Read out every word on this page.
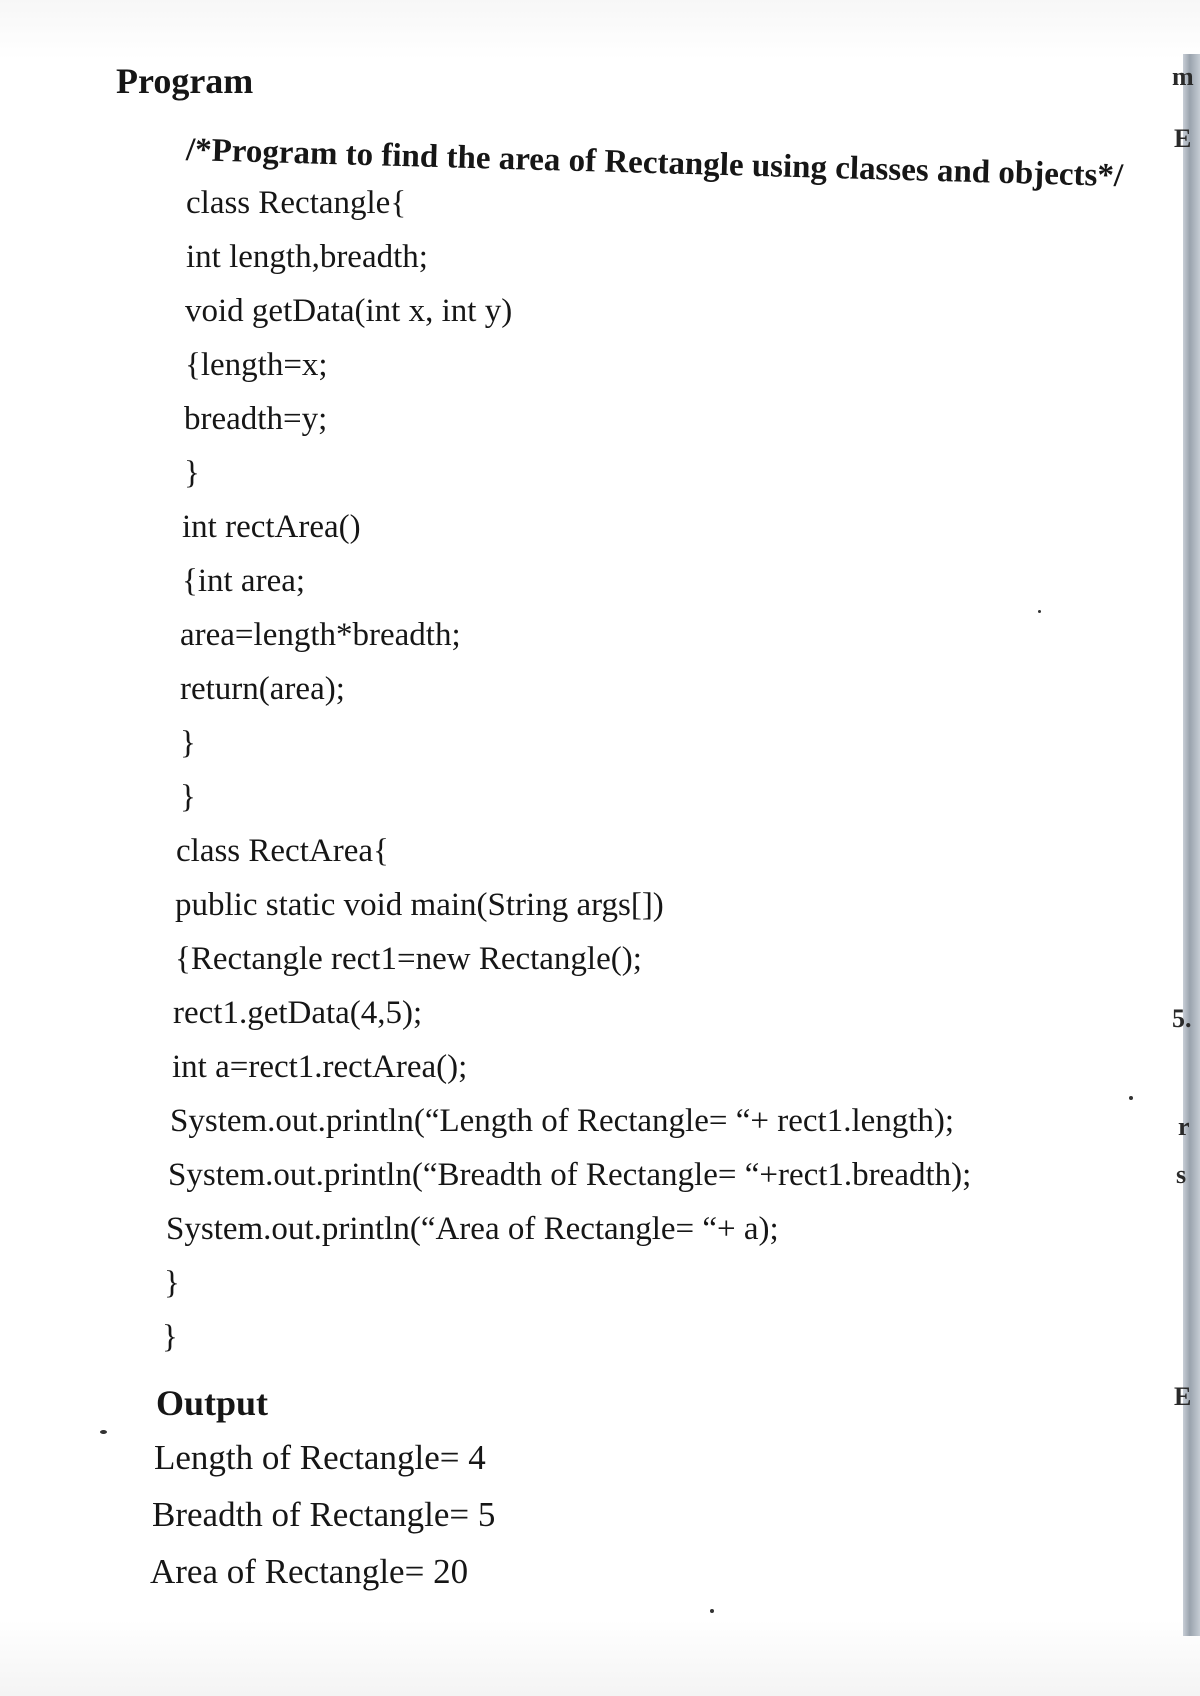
m
E
5.
r
s
E
Program
/*Program to find the area of Rectangle using classes and objects*/
class Rectangle{
int length,breadth;
void getData(int x, int y)
{length=x;
breadth=y;
}
int rectArea()
{int area;
area=length*breadth;
return(area);
}
}
class RectArea{
public static void main(String args[])
{Rectangle rect1=new Rectangle();
rect1.getData(4,5);
int a=rect1.rectArea();
System.out.println(“Length of Rectangle= “+ rect1.length);
System.out.println(“Breadth of Rectangle= “+rect1.breadth);
System.out.println(“Area of Rectangle= “+ a);
}
}
Output
Length of Rectangle= 4
Breadth of Rectangle= 5
Area of Rectangle= 20
